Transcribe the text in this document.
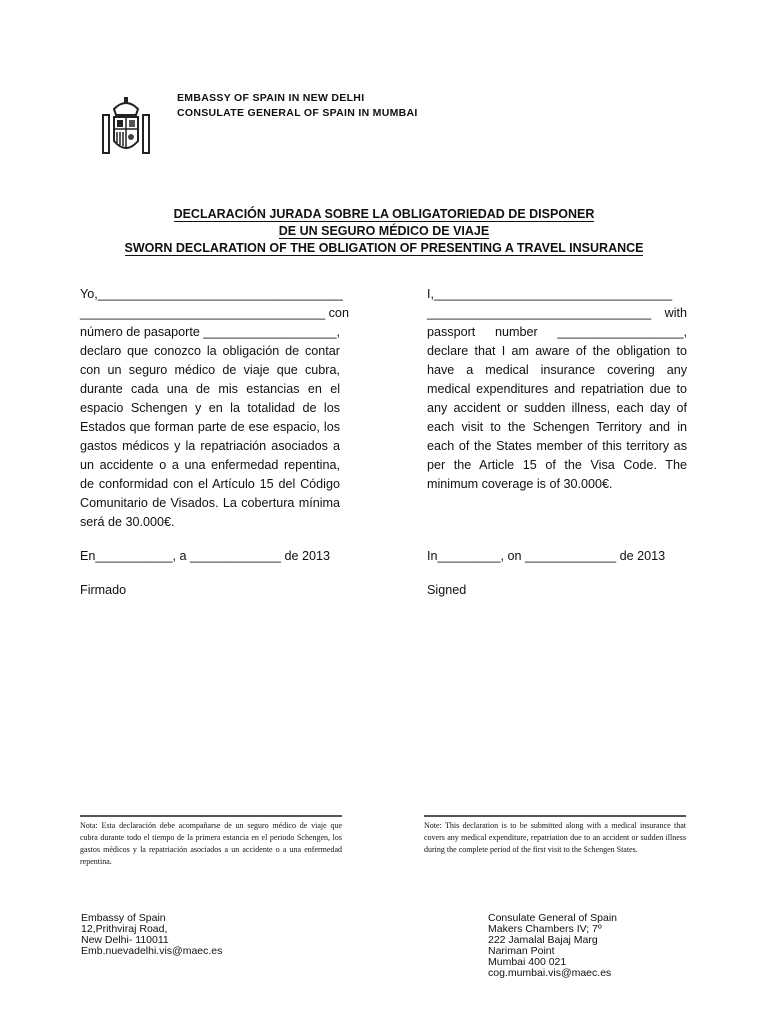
EMBASSY OF SPAIN IN NEW DELHI
CONSULATE GENERAL OF SPAIN IN MUMBAI
DECLARACIÓN JURADA SOBRE LA OBLIGATORIEDAD DE DISPONER
DE UN SEGURO MÉDICO DE VIAJE
SWORN DECLARATION OF THE OBLIGATION OF PRESENTING A TRAVEL INSURANCE
Yo,___________________________________
___________________________________ con
número de pasaporte ___________________,
declaro que conozco la obligación de contar
con un seguro médico de viaje que cubra,
durante cada una de mis estancias en el
espacio Schengen y en la totalidad de los
Estados que forman parte de ese espacio, los
gastos médicos y la repatriación asociados a
un accidente o a una enfermedad repentina,
de conformidad con el Artículo 15 del Código
Comunitario de Visados. La cobertura mínima
será de 30.000€.
I,__________________________________
________________________________ with
passport number __________________,
declare that I am aware of the obligation to
have a medical insurance covering any
medical expenditures and repatriation due to
any accident or sudden illness, each day of
each visit to the Schengen Territory and in
each of the States member of this territory as
per the Article 15 of the Visa Code. The
minimum coverage is of 30.000€.
En___________, a _____________ de 2013	In_________, on _____________ de 2013
Firmado	Signed
Nota: Esta declaración debe acompañarse de un seguro médico de viaje que cubra durante todo el tiempo de la primera estancia en el periodo Schengen, los gastos médicos y la repatriación asociados a un accidente o a una enfermedad repentina.
Note: This declaration is to be submitted along with a medical insurance that covers any medical expenditure, repatriation due to an accident or sudden illness during the complete period of the first visit to the Schengen States.
Embassy of Spain
12,Prithviraj Road,
New Delhi- 110011
Emb.nuevadelhi.vis@maec.es
Consulate General of Spain
Makers Chambers IV; 7º
222 Jamalal Bajaj Marg
Nariman Point
Mumbai 400 021
cog.mumbai.vis@maec.es
